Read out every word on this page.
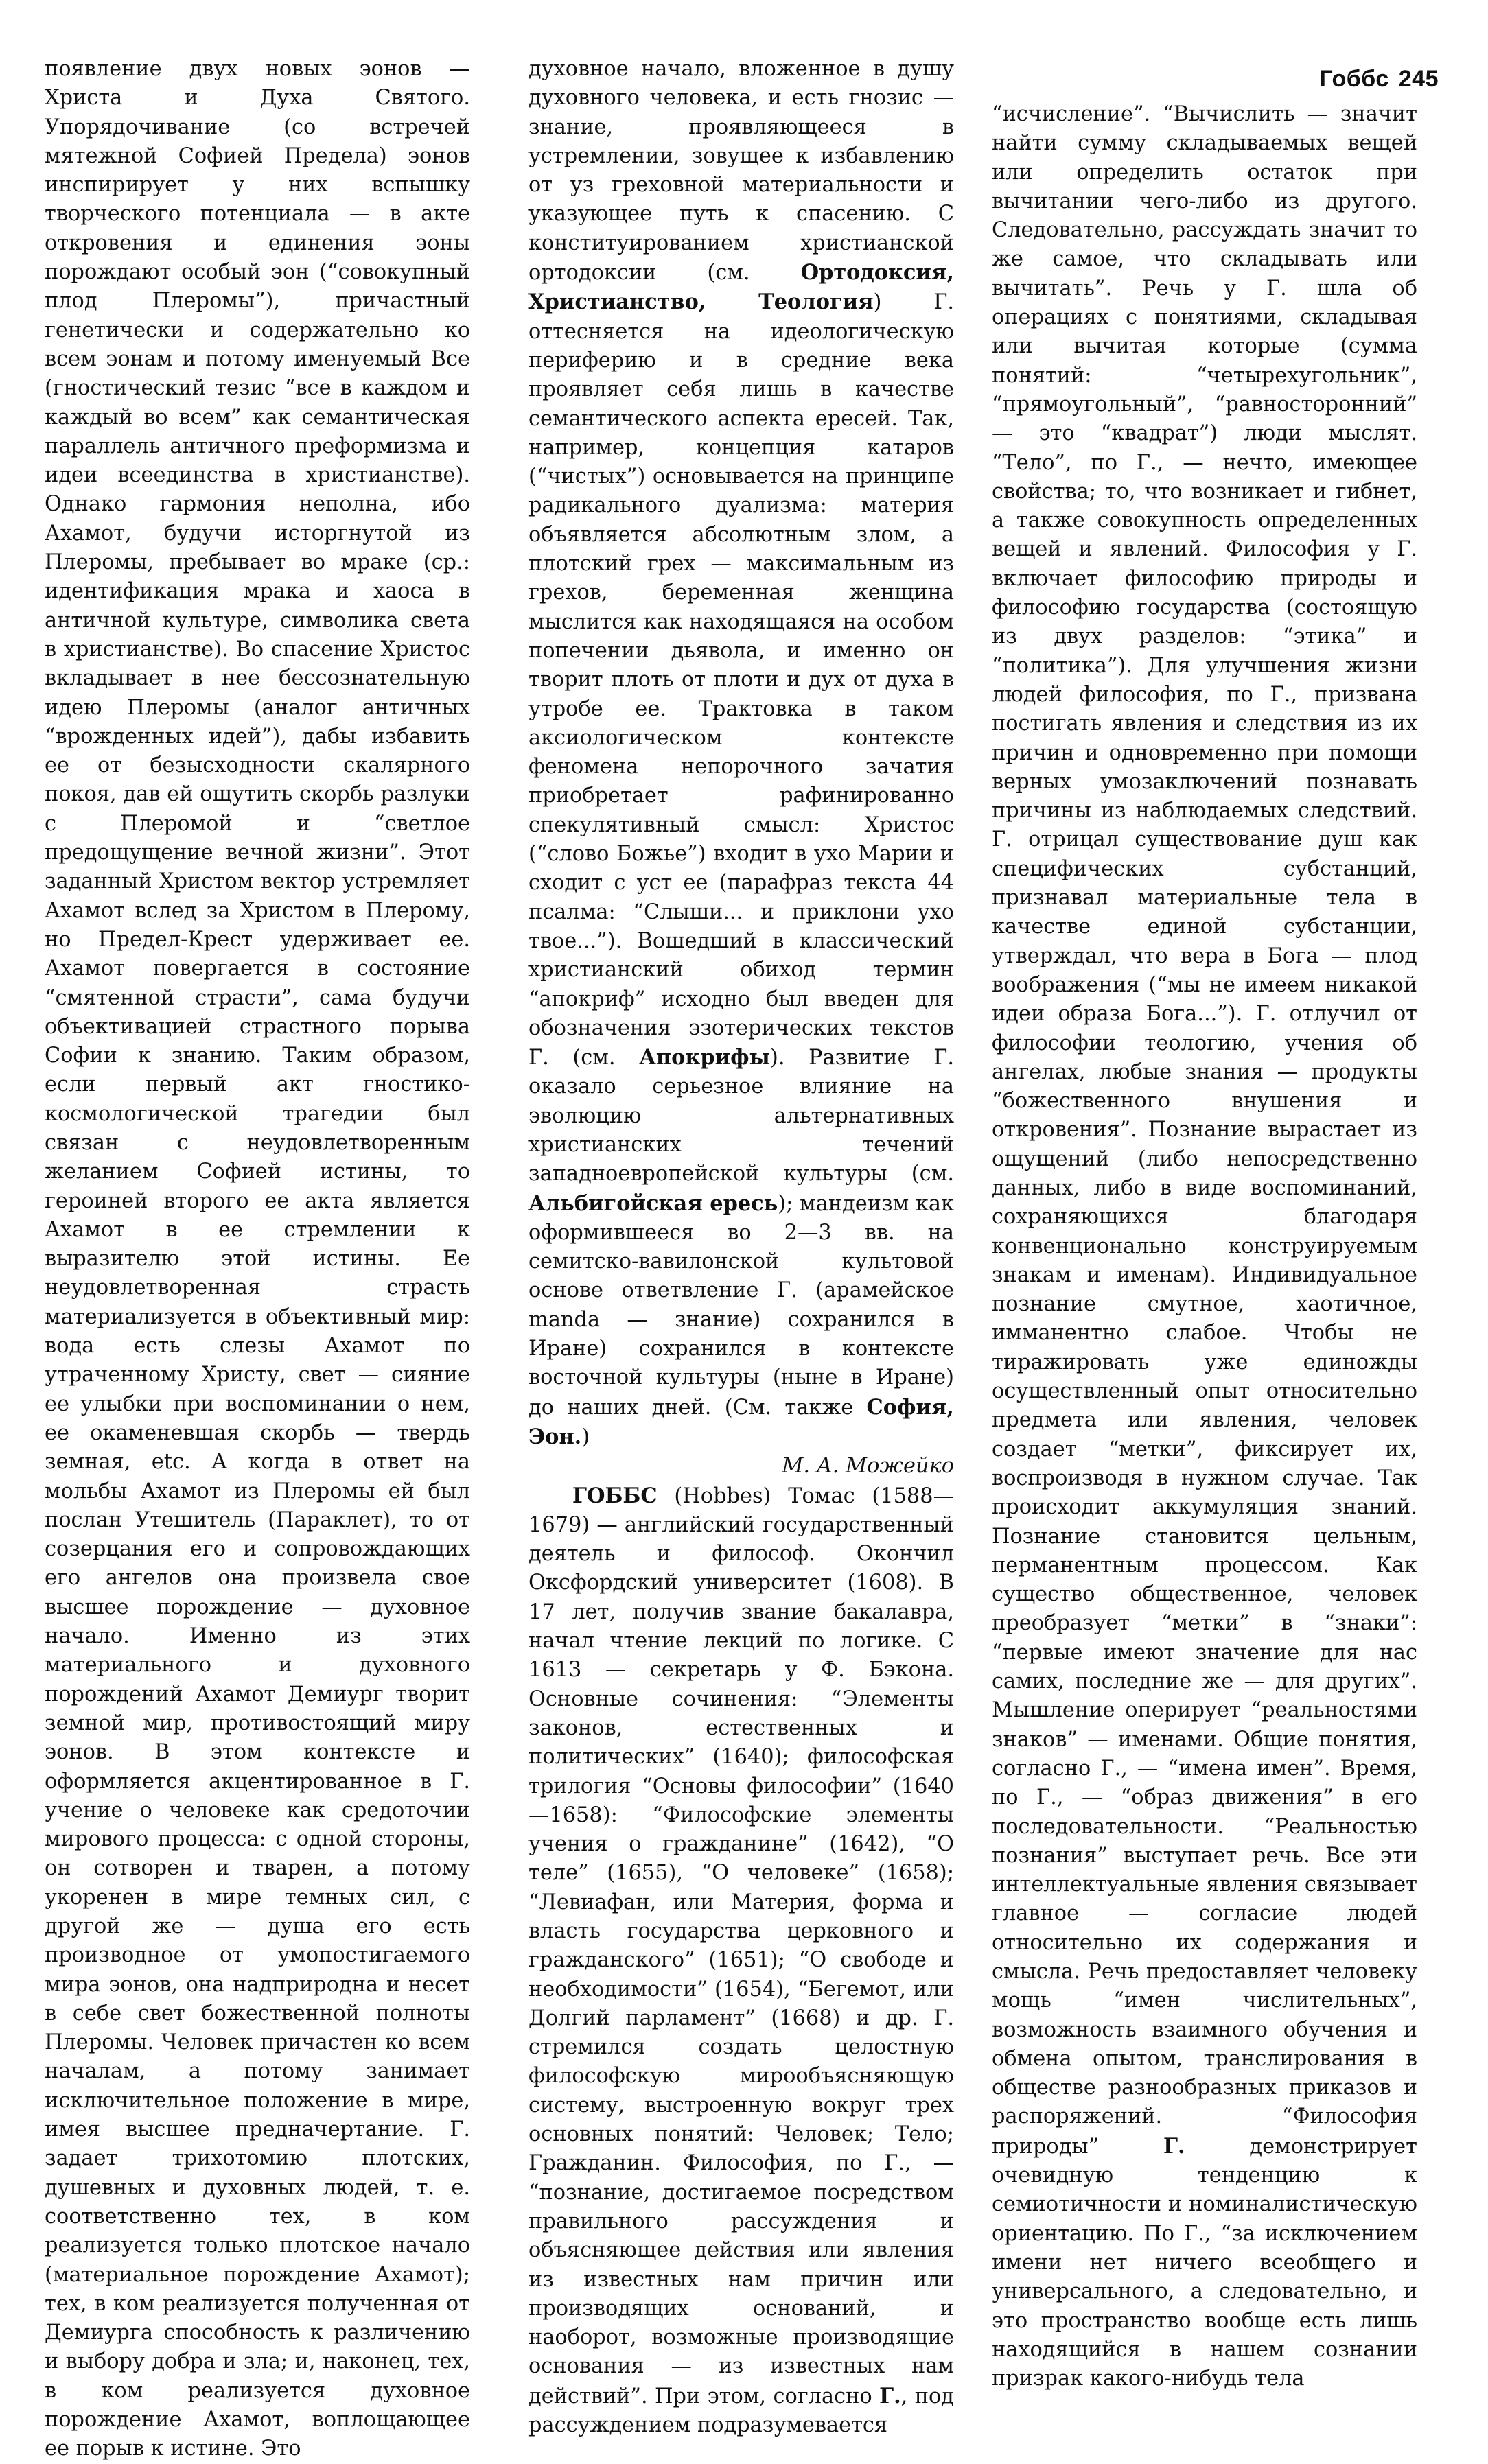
Гоббс 245

появление двух новых эонов — Христа и Духа Святого. Упорядочивание (со встречей мятежной Софией Предела) эонов инспирирует у них вспышку творческого потенциала — в акте откровения и единения эоны порождают особый эон (“совокупный плод Плеромы”), причастный генетически и содержательно ко всем эонам и потому именуемый Все (гностический тезис “все в каждом и каждый во всем” как семантическая параллель античного преформизма и идеи всеединства в христианстве). Однако гармония неполна, ибо Ахамот, будучи исторгнутой из Плеромы, пребывает во мраке (ср.: идентификация мрака и хаоса в античной культуре, символика света в христианстве). Во спасение Христос вкладывает в нее бессознательную идею Плеромы (аналог античных “врожденных идей”), дабы избавить ее от безысходности скалярного покоя, дав ей ощутить скорбь разлуки с Плеромой и “светлое предощущение вечной жизни”. Этот заданный Христом вектор устремляет Ахамот вслед за Христом в Плерому, но Предел-Крест удерживает ее. Ахамот повергается в состояние “смятенной страсти”, сама будучи объективацией страстного порыва Софии к знанию. Таким образом, если первый акт гностико-космологической трагедии был связан с неудовлетворенным желанием Софией истины, то героиней второго ее акта является Ахамот в ее стремлении к выразителю этой истины. Ее неудовлетворенная страсть материализуется в объективный мир: вода есть слезы Ахамот по утраченному Христу, свет — сияние ее улыбки при воспоминании о нем, ее окаменевшая скорбь — твердь земная, etc. А когда в ответ на мольбы Ахамот из Плеромы ей был послан Утешитель (Параклет), то от созерцания его и сопровождающих его ангелов она произвела свое высшее порождение — духовное начало. Именно из этих материального и духовного порождений Ахамот Демиург творит земной мир, противостоящий миру эонов. В этом контексте и оформляется акцентированное в Г. учение о человеке как средоточии мирового процесса: с одной стороны, он сотворен и тварен, а потому укоренен в мире темных сил, с другой же — душа его есть производное от умопостигаемого мира эонов, она надприродна и несет в себе свет божественной полноты Плеромы. Человек причастен ко всем началам, а потому занимает исключительное положение в мире, имея высшее предначертание. Г. задает трихотомию плотских, душевных и духовных людей, т. е. соответственно тех, в ком реализуется только плотское начало (материальное порождение Ахамот); тех, в ком реализуется полученная от Демиурга способность к различению и выбору добра и зла; и, наконец, тех, в ком реализуется духовное порождение Ахамот, воплощающее ее порыв к истине. Это

духовное начало, вложенное в душу духовного человека, и есть гнозис — знание, проявляющееся в устремлении, зовущее к избавлению от уз греховной материальности и указующее путь к спасению. С конституированием христианской ортодоксии (см. Ортодоксия, Христианство, Теология) Г. оттесняется на идеологическую периферию и в средние века проявляет себя лишь в качестве семантического аспекта ересей. Так, например, концепция катаров (“чистых”) основывается на принципе радикального дуализма: материя объявляется абсолютным злом, а плотский грех — максимальным из грехов, беременная женщина мыслится как находящаяся на особом попечении дьявола, и именно он творит плоть от плоти и дух от духа в утробе ее. Трактовка в таком аксиологическом контексте феномена непорочного зачатия приобретает рафинированно спекулятивный смысл: Христос (“слово Божье”) входит в ухо Марии и сходит с уст ее (парафраз текста 44 псалма: “Слыши... и приклони ухо твое...”). Вошедший в классический христианский обиход термин “апокриф” исходно был введен для обозначения эзотерических текстов Г. (см. Апокрифы). Развитие Г. оказало серьезное влияние на эволюцию альтернативных христианских течений западноевропейской культуры (см. Альбигойская ересь); мандеизм как оформившееся во 2—3 вв. на семитско-вавилонской культовой основе ответвление Г. (арамейское manda — знание) сохранился в Иране) сохранился в контексте восточной культуры (ныне в Иране) до наших дней. (См. также София, Эон.)

М. А. Можейко

ГОББС (Hobbes) Томас (1588—1679) — английский государственный деятель и философ. Окончил Оксфордский университет (1608). В 17 лет, получив звание бакалавра, начал чтение лекций по логике. С 1613 — секретарь у Ф. Бэкона. Основные сочинения: “Элементы законов, естественных и политических” (1640); философская трилогия “Основы философии” (1640—1658): “Философские элементы учения о гражданине” (1642), “О теле” (1655), “О человеке” (1658); “Левиафан, или Материя, форма и власть государства церковного и гражданского” (1651); “О свободе и необходимости” (1654), “Бегемот, или Долгий парламент” (1668) и др. Г. стремился создать целостную философскую мирообъясняющую систему, выстроенную вокруг трех основных понятий: Человек; Тело; Гражданин. Философия, по Г., — “познание, достигаемое посредством правильного рассуждения и объясняющее действия или явления из известных нам причин или производящих оснований, и наоборот, возможные производящие основания — из известных нам действий”. При этом, согласно Г., под рассуждением подразумевается

“исчисление”. “Вычислить — значит найти сумму складываемых вещей или определить остаток при вычитании чего-либо из другого. Следовательно, рассуждать значит то же самое, что складывать или вычитать”. Речь у Г. шла об операциях с понятиями, складывая или вычитая которые (сумма понятий: “четырехугольник”, “прямоугольный”, “равносторонний” — это “квадрат”) люди мыслят. “Тело”, по Г., — нечто, имеющее свойства; то, что возникает и гибнет, а также совокупность определенных вещей и явлений. Философия у Г. включает философию природы и философию государства (состоящую из двух разделов: “этика” и “политика”). Для улучшения жизни людей философия, по Г., призвана постигать явления и следствия из их причин и одновременно при помощи верных умозаключений познавать причины из наблюдаемых следствий. Г. отрицал существование душ как специфических субстанций, признавал материальные тела в качестве единой субстанции, утверждал, что вера в Бога — плод воображения (“мы не имеем никакой идеи образа Бога...”). Г. отлучил от философии теологию, учения об ангелах, любые знания — продукты “божественного внушения и откровения”. Познание вырастает из ощущений (либо непосредственно данных, либо в виде воспоминаний, сохраняющихся благодаря конвенционально конструируемым знакам и именам). Индивидуальное познание смутное, хаотичное, имманентно слабое. Чтобы не тиражировать уже единожды осуществленный опыт относительно предмета или явления, человек создает “метки”, фиксирует их, воспроизводя в нужном случае. Так происходит аккумуляция знаний. Познание становится цельным, перманентным процессом. Как существо общественное, человек преобразует “метки” в “знаки”: “первые имеют значение для нас самих, последние же — для других”. Мышление оперирует “реальностями знаков” — именами. Общие понятия, согласно Г., — “имена имен”. Время, по Г., — “образ движения” в его последовательности. “Реальностью познания” выступает речь. Все эти интеллектуальные явления связывает главное — согласие людей относительно их содержания и смысла. Речь предоставляет человеку мощь “имен числительных”, возможность взаимного обучения и обмена опытом, транслирования в обществе разнообразных приказов и распоряжений. “Философия природы”	Г. демонстрирует очевидную тенденцию к семиотичности и номиналистическую ориентацию. По Г., “за исключением имени нет ничего всеобщего и универсального, а следовательно, и это пространство вообще есть лишь находящийся в нашем сознании призрак какого-нибудь тела
